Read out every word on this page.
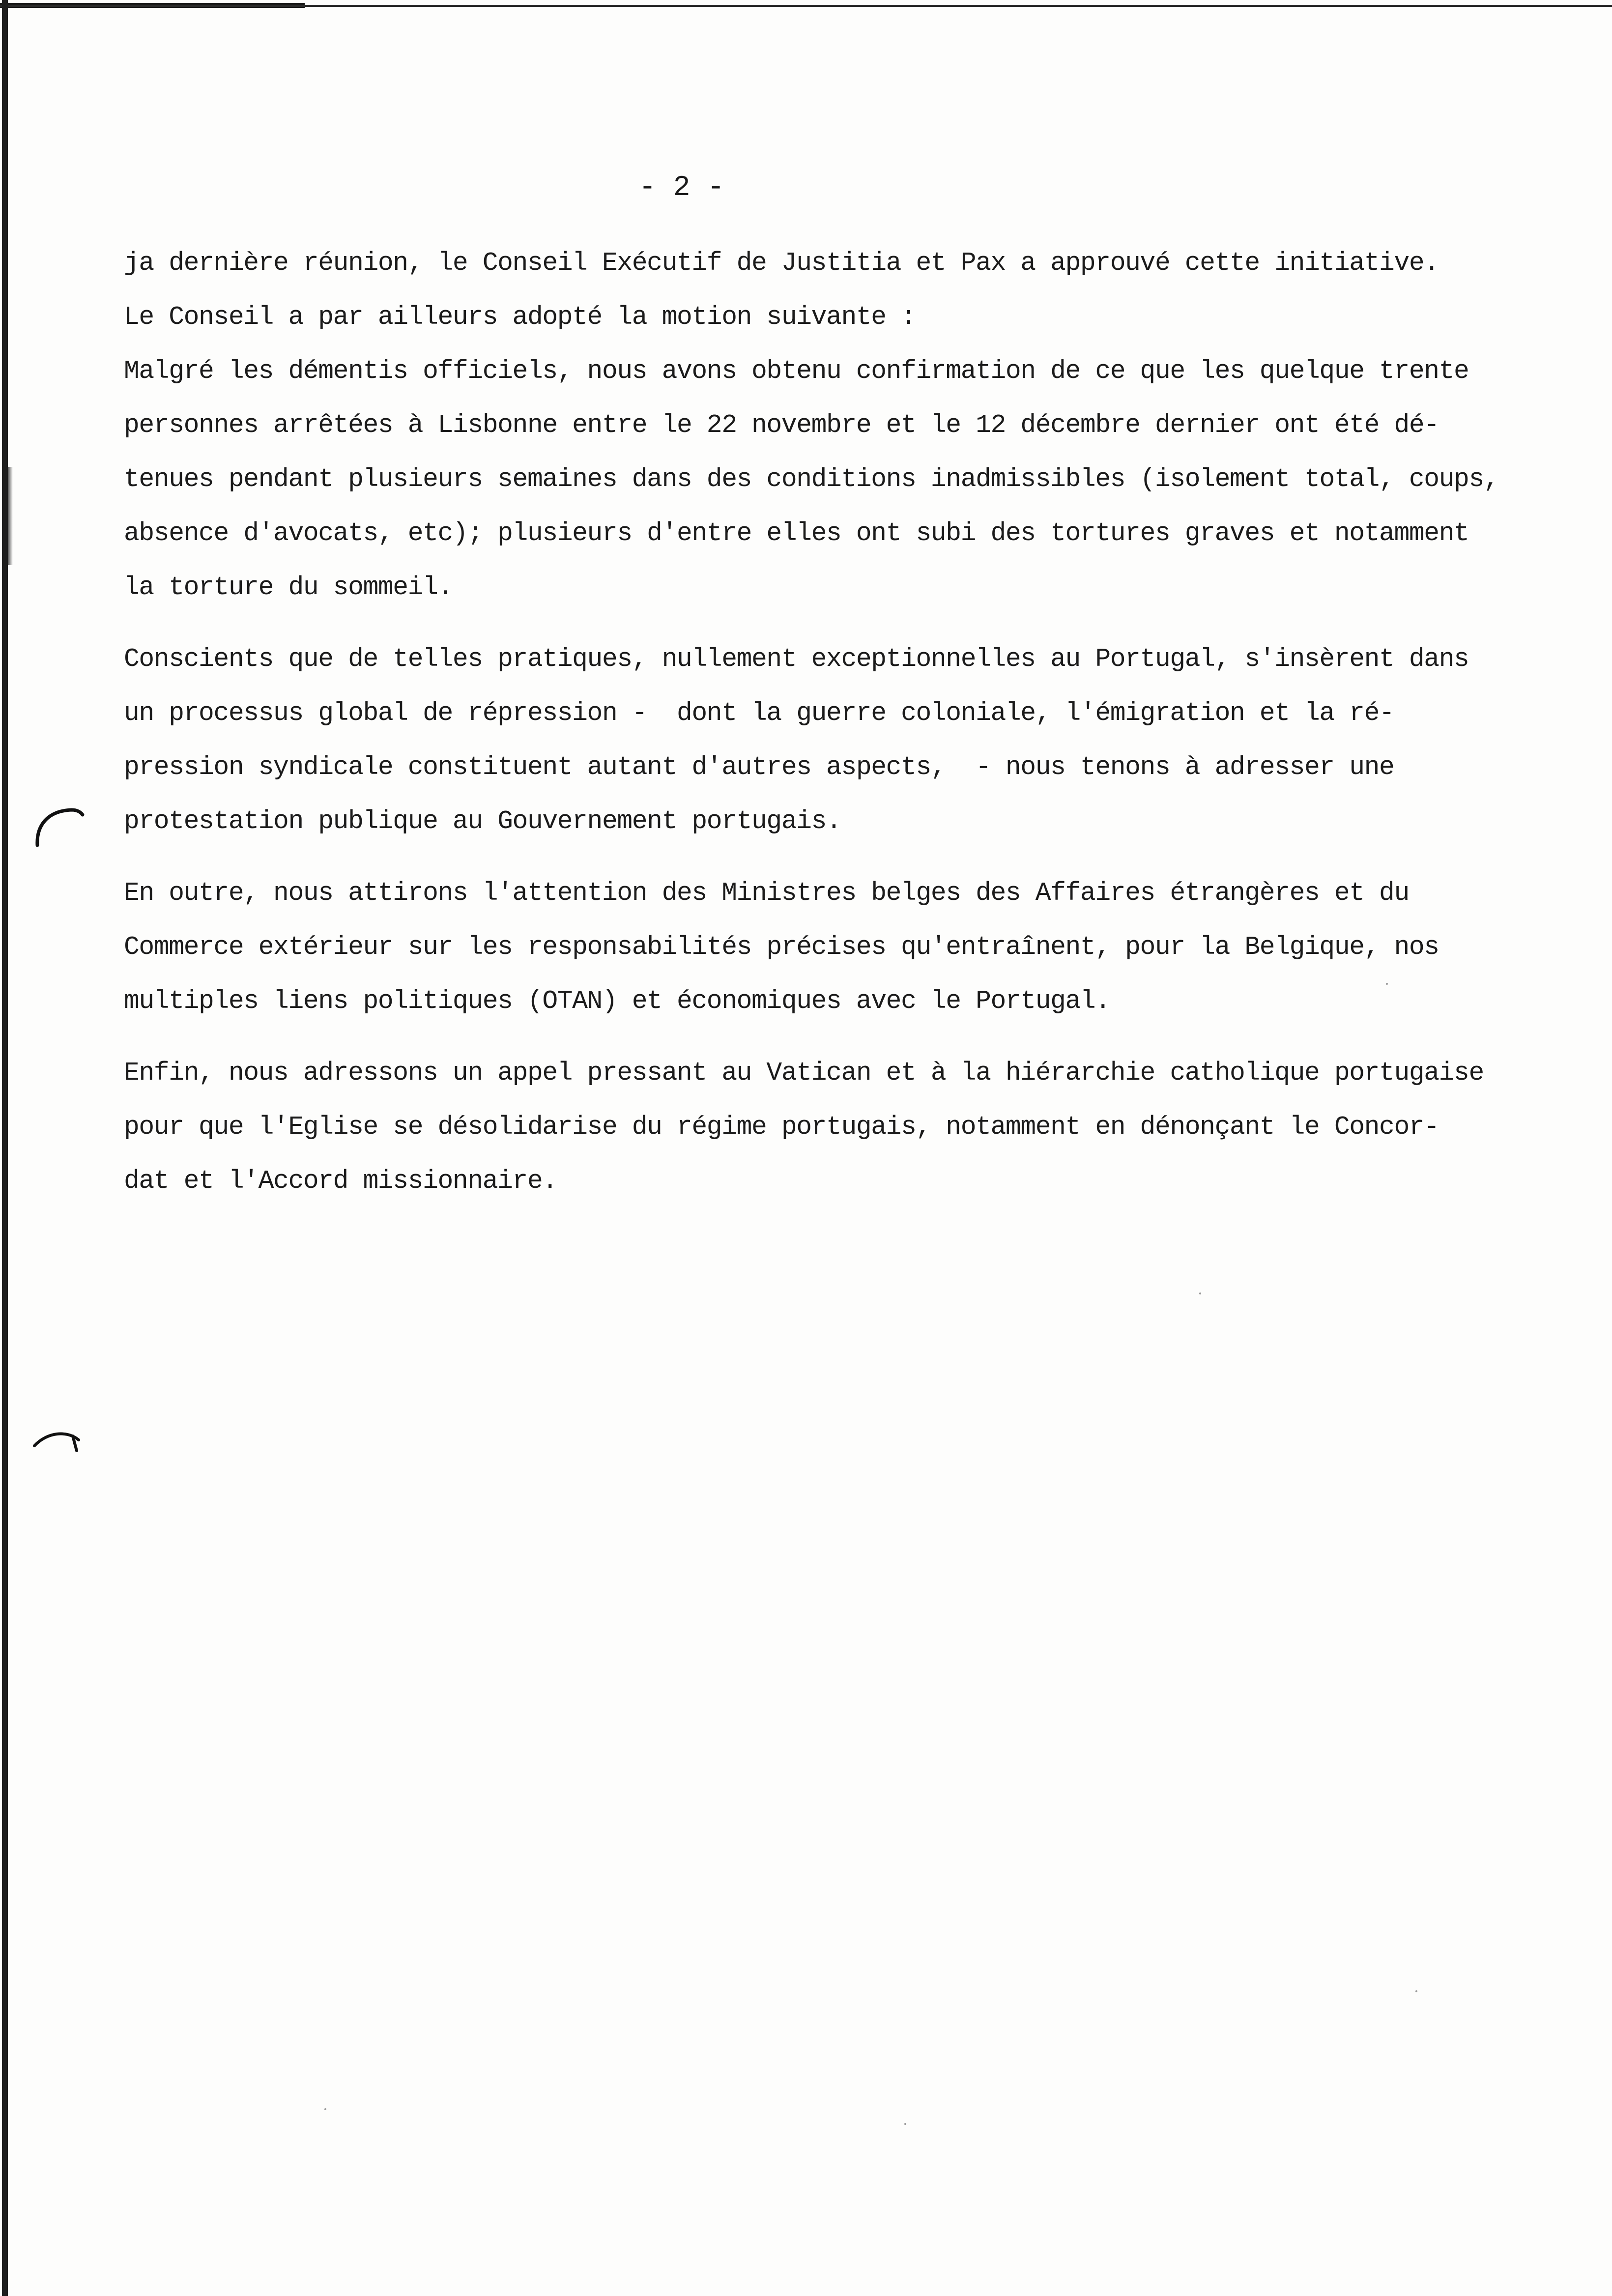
- 2 -
ja dernière réunion, le Conseil Exécutif de Justitia et Pax a approuvé cette initiative.
Le Conseil a par ailleurs adopté la motion suivante :
Malgré les démentis officiels, nous avons obtenu confirmation de ce que les quelque trente
personnes arrêtées à Lisbonne entre le 22 novembre et le 12 décembre dernier ont été dé-
tenues pendant plusieurs semaines dans des conditions inadmissibles (isolement total, coups,
absence d'avocats, etc); plusieurs d'entre elles ont subi des tortures graves et notamment
la torture du sommeil.
Conscients que de telles pratiques, nullement exceptionnelles au Portugal, s'insèrent dans
un processus global de répression -  dont la guerre coloniale, l'émigration et la ré-
pression syndicale constituent autant d'autres aspects,  - nous tenons à adresser une
protestation publique au Gouvernement portugais.
En outre, nous attirons l'attention des Ministres belges des Affaires étrangères et du
Commerce extérieur sur les responsabilités précises qu'entraînent, pour la Belgique, nos
multiples liens politiques (OTAN) et économiques avec le Portugal.
Enfin, nous adressons un appel pressant au Vatican et à la hiérarchie catholique portugaise
pour que l'Eglise se désolidarise du régime portugais, notamment en dénonçant le Concor-
dat et l'Accord missionnaire.
